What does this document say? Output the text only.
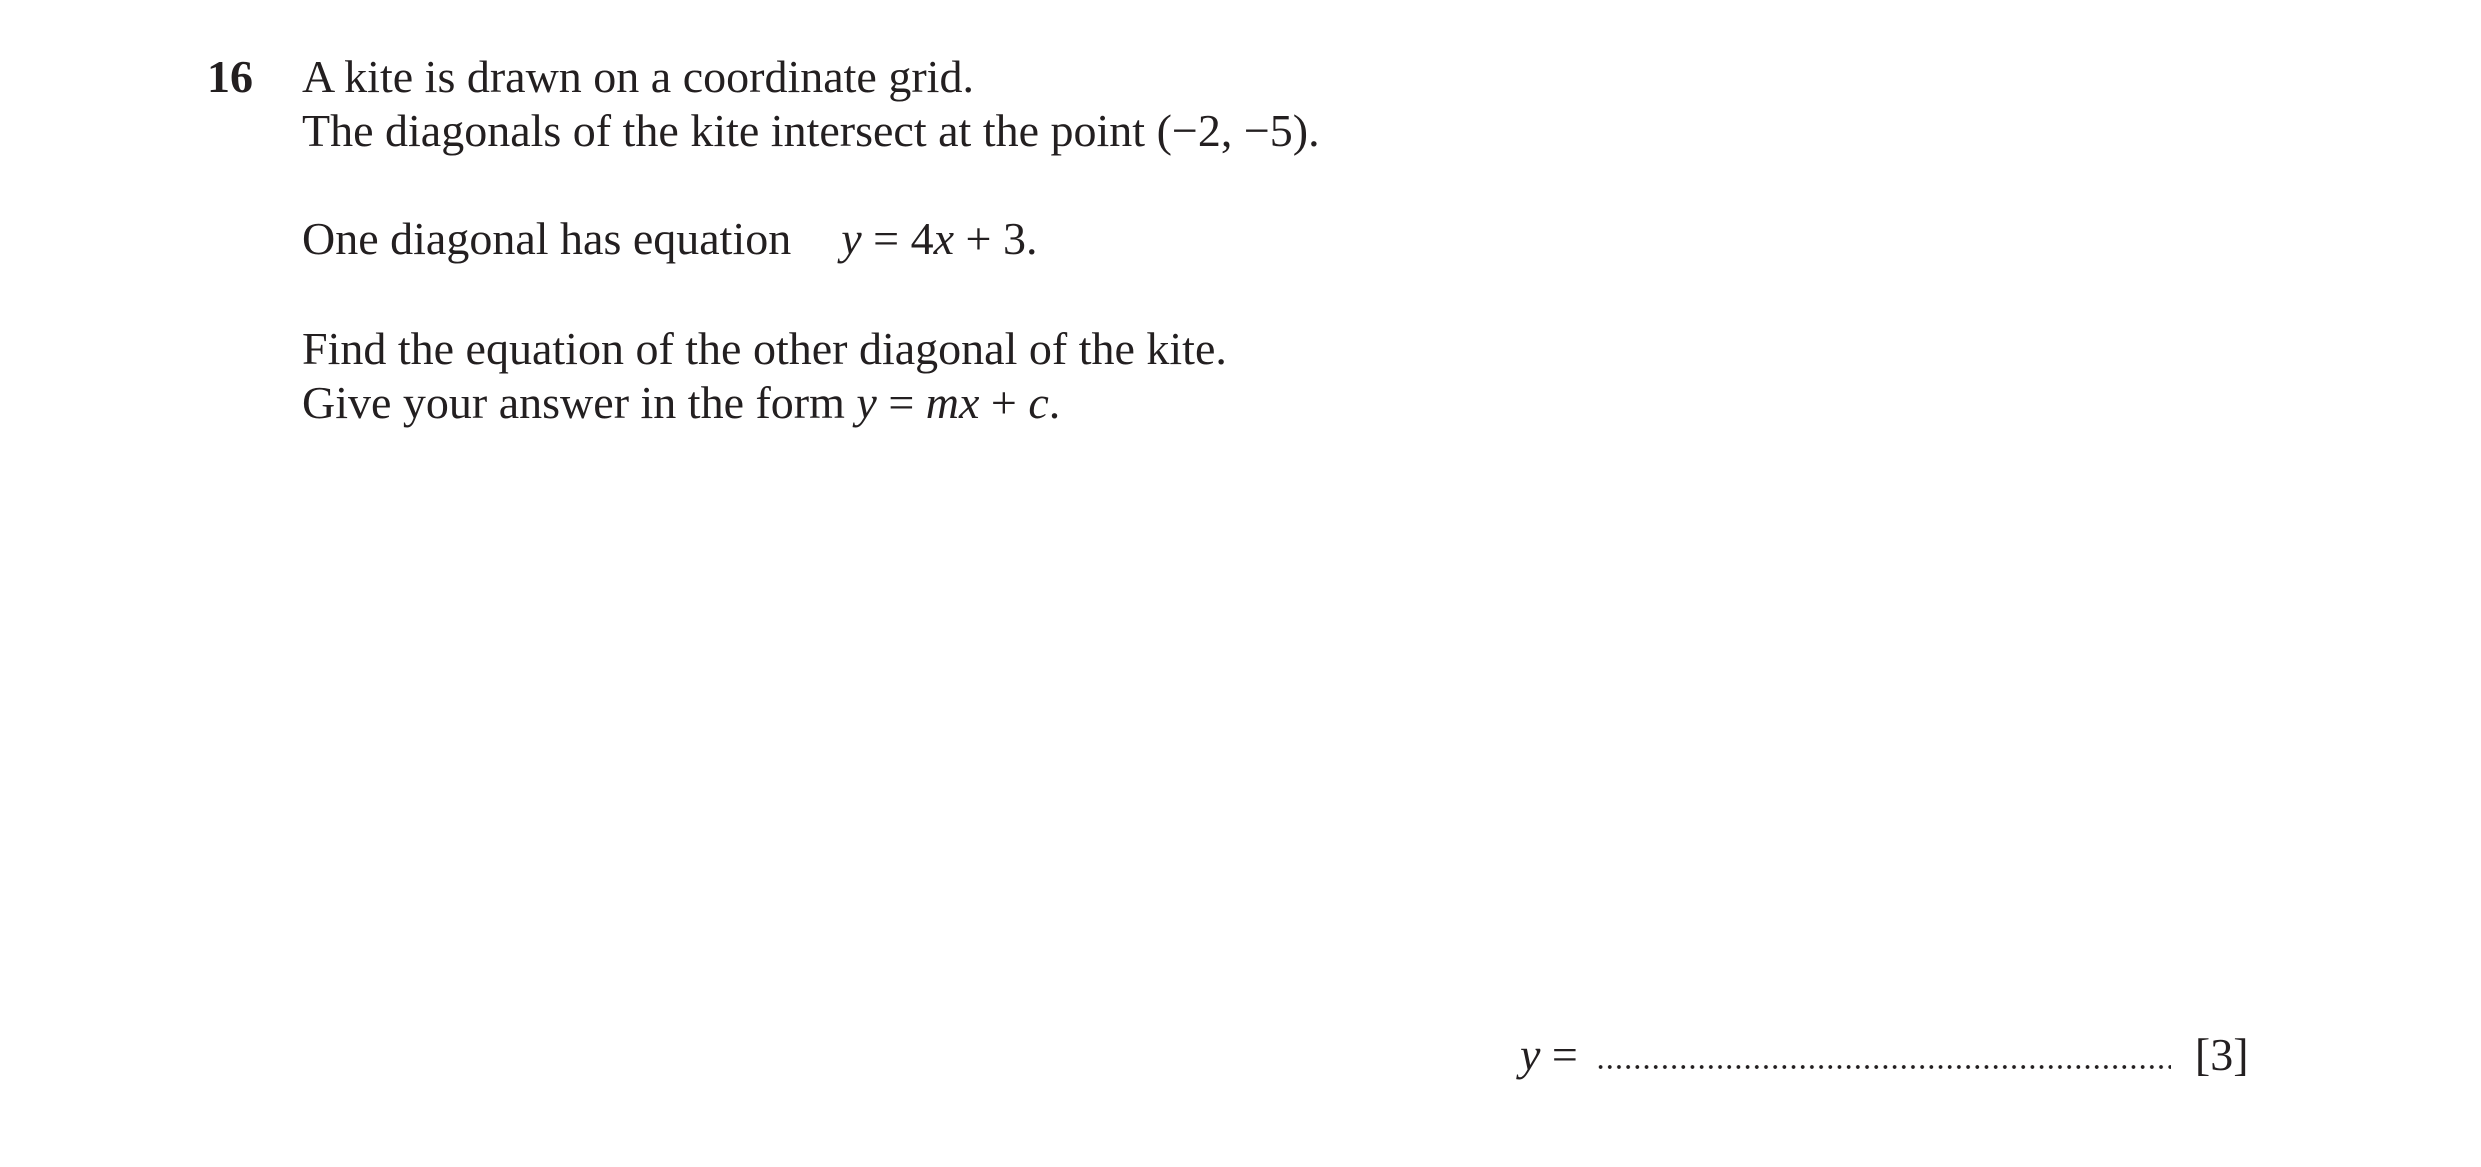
16 A kite is drawn on a coordinate grid.
The diagonals of the kite intersect at the point (−2, −5).
One diagonal has equation y = 4x + 3.
Find the equation of the other diagonal of the kite.
Give your answer in the form y = mx + c.
y =	[3]
